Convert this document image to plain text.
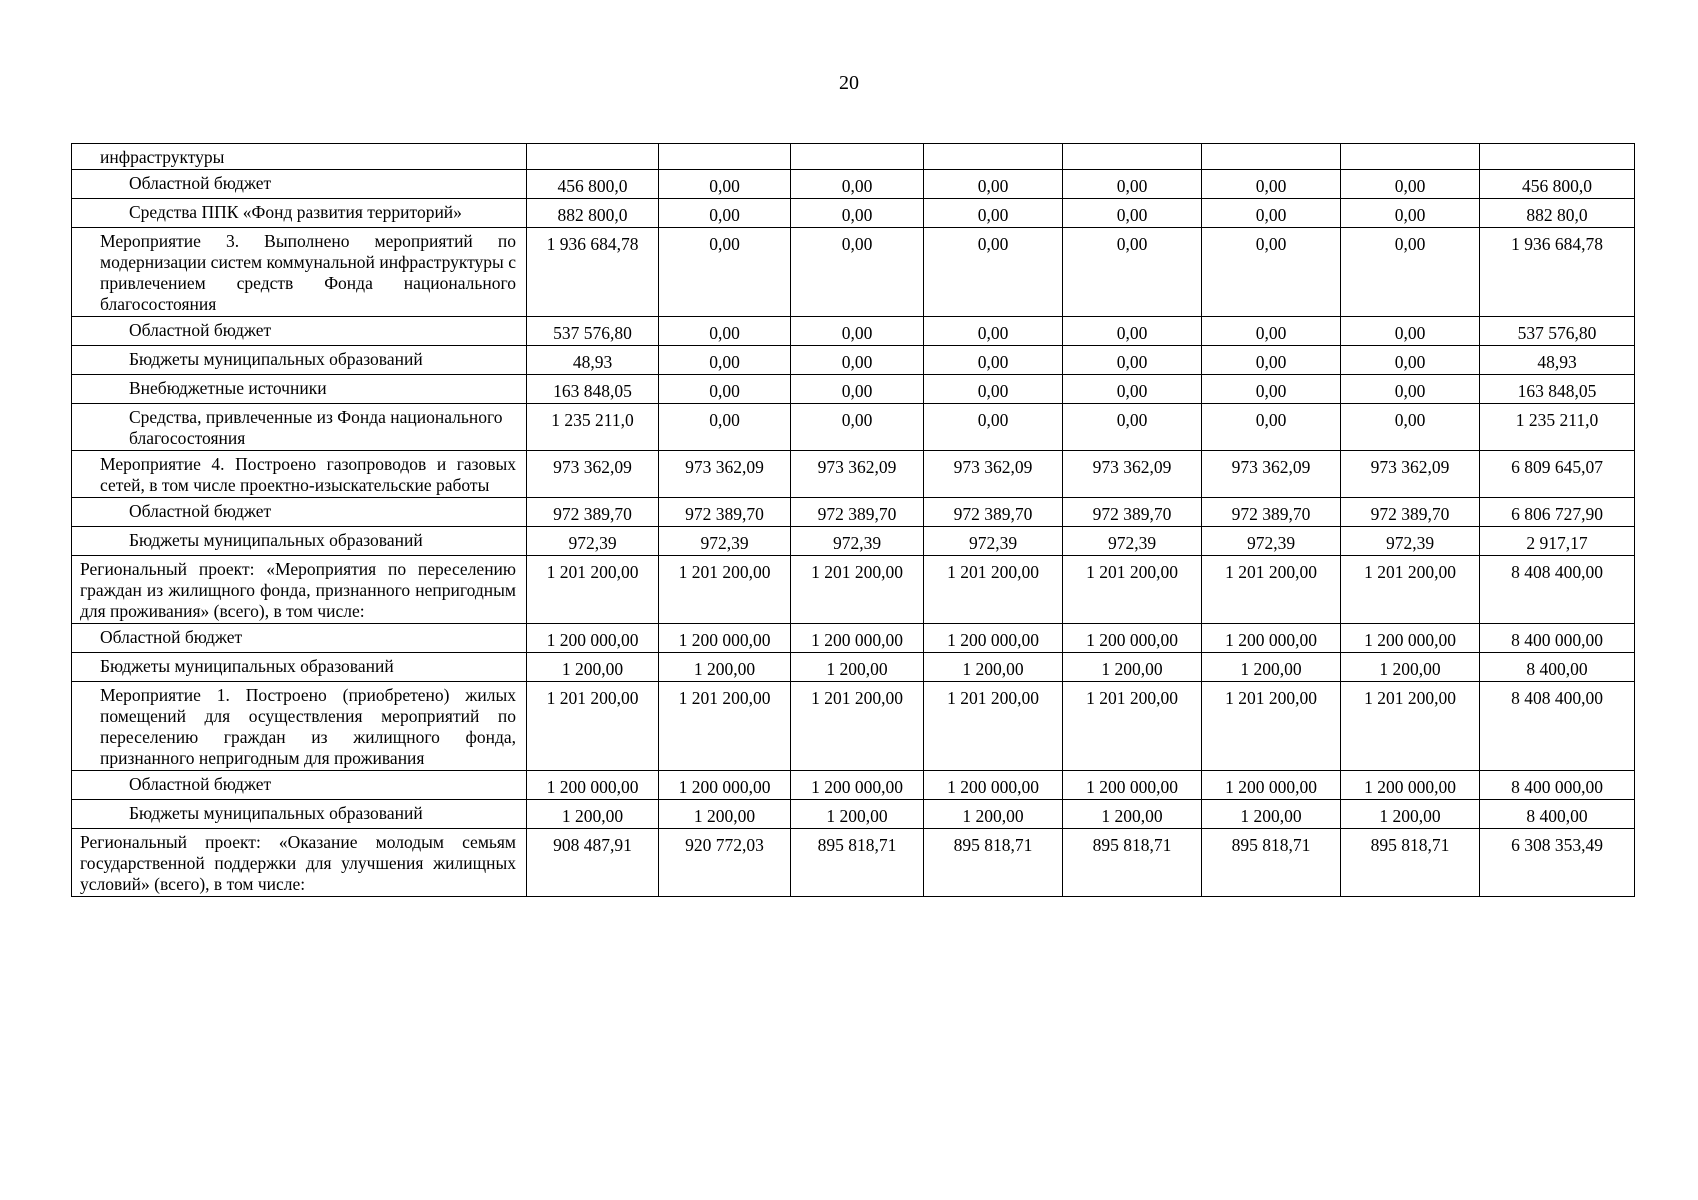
20
инфраструктуры								
Областной бюджет	456 800,0	0,00	0,00	0,00	0,00	0,00	0,00	456 800,0
Средства ППК «Фонд развития территорий»	882 800,0	0,00	0,00	0,00	0,00	0,00	0,00	882 80,0
Мероприятие 3. Выполнено мероприятий по модернизации систем коммунальной инфраструктуры с привлечением средств Фонда национального благосостояния	1 936 684,78	0,00	0,00	0,00	0,00	0,00	0,00	1 936 684,78
Областной бюджет	537 576,80	0,00	0,00	0,00	0,00	0,00	0,00	537 576,80
Бюджеты муниципальных образований	48,93	0,00	0,00	0,00	0,00	0,00	0,00	48,93
Внебюджетные источники	163 848,05	0,00	0,00	0,00	0,00	0,00	0,00	163 848,05
Средства, привлеченные из Фонда национального благосостояния	1 235 211,0	0,00	0,00	0,00	0,00	0,00	0,00	1 235 211,0
Мероприятие 4. Построено газопроводов и газовых сетей, в том числе проектно-изыскательские работы	973 362,09	973 362,09	973 362,09	973 362,09	973 362,09	973 362,09	973 362,09	6 809 645,07
Областной бюджет	972 389,70	972 389,70	972 389,70	972 389,70	972 389,70	972 389,70	972 389,70	6 806 727,90
Бюджеты муниципальных образований	972,39	972,39	972,39	972,39	972,39	972,39	972,39	2 917,17
Региональный проект: «Мероприятия по переселению граждан из жилищного фонда, признанного непригодным для проживания» (всего), в том числе:	1 201 200,00	1 201 200,00	1 201 200,00	1 201 200,00	1 201 200,00	1 201 200,00	1 201 200,00	8 408 400,00
Областной бюджет	1 200 000,00	1 200 000,00	1 200 000,00	1 200 000,00	1 200 000,00	1 200 000,00	1 200 000,00	8 400 000,00
Бюджеты муниципальных образований	1 200,00	1 200,00	1 200,00	1 200,00	1 200,00	1 200,00	1 200,00	8 400,00
Мероприятие 1. Построено (приобретено) жилых помещений для осуществления мероприятий по переселению граждан из жилищного фонда, признанного непригодным для проживания	1 201 200,00	1 201 200,00	1 201 200,00	1 201 200,00	1 201 200,00	1 201 200,00	1 201 200,00	8 408 400,00
Областной бюджет	1 200 000,00	1 200 000,00	1 200 000,00	1 200 000,00	1 200 000,00	1 200 000,00	1 200 000,00	8 400 000,00
Бюджеты муниципальных образований	1 200,00	1 200,00	1 200,00	1 200,00	1 200,00	1 200,00	1 200,00	8 400,00
Региональный проект: «Оказание молодым семьям государственной поддержки для улучшения жилищных условий» (всего), в том числе:	908 487,91	920 772,03	895 818,71	895 818,71	895 818,71	895 818,71	895 818,71	6 308 353,49
